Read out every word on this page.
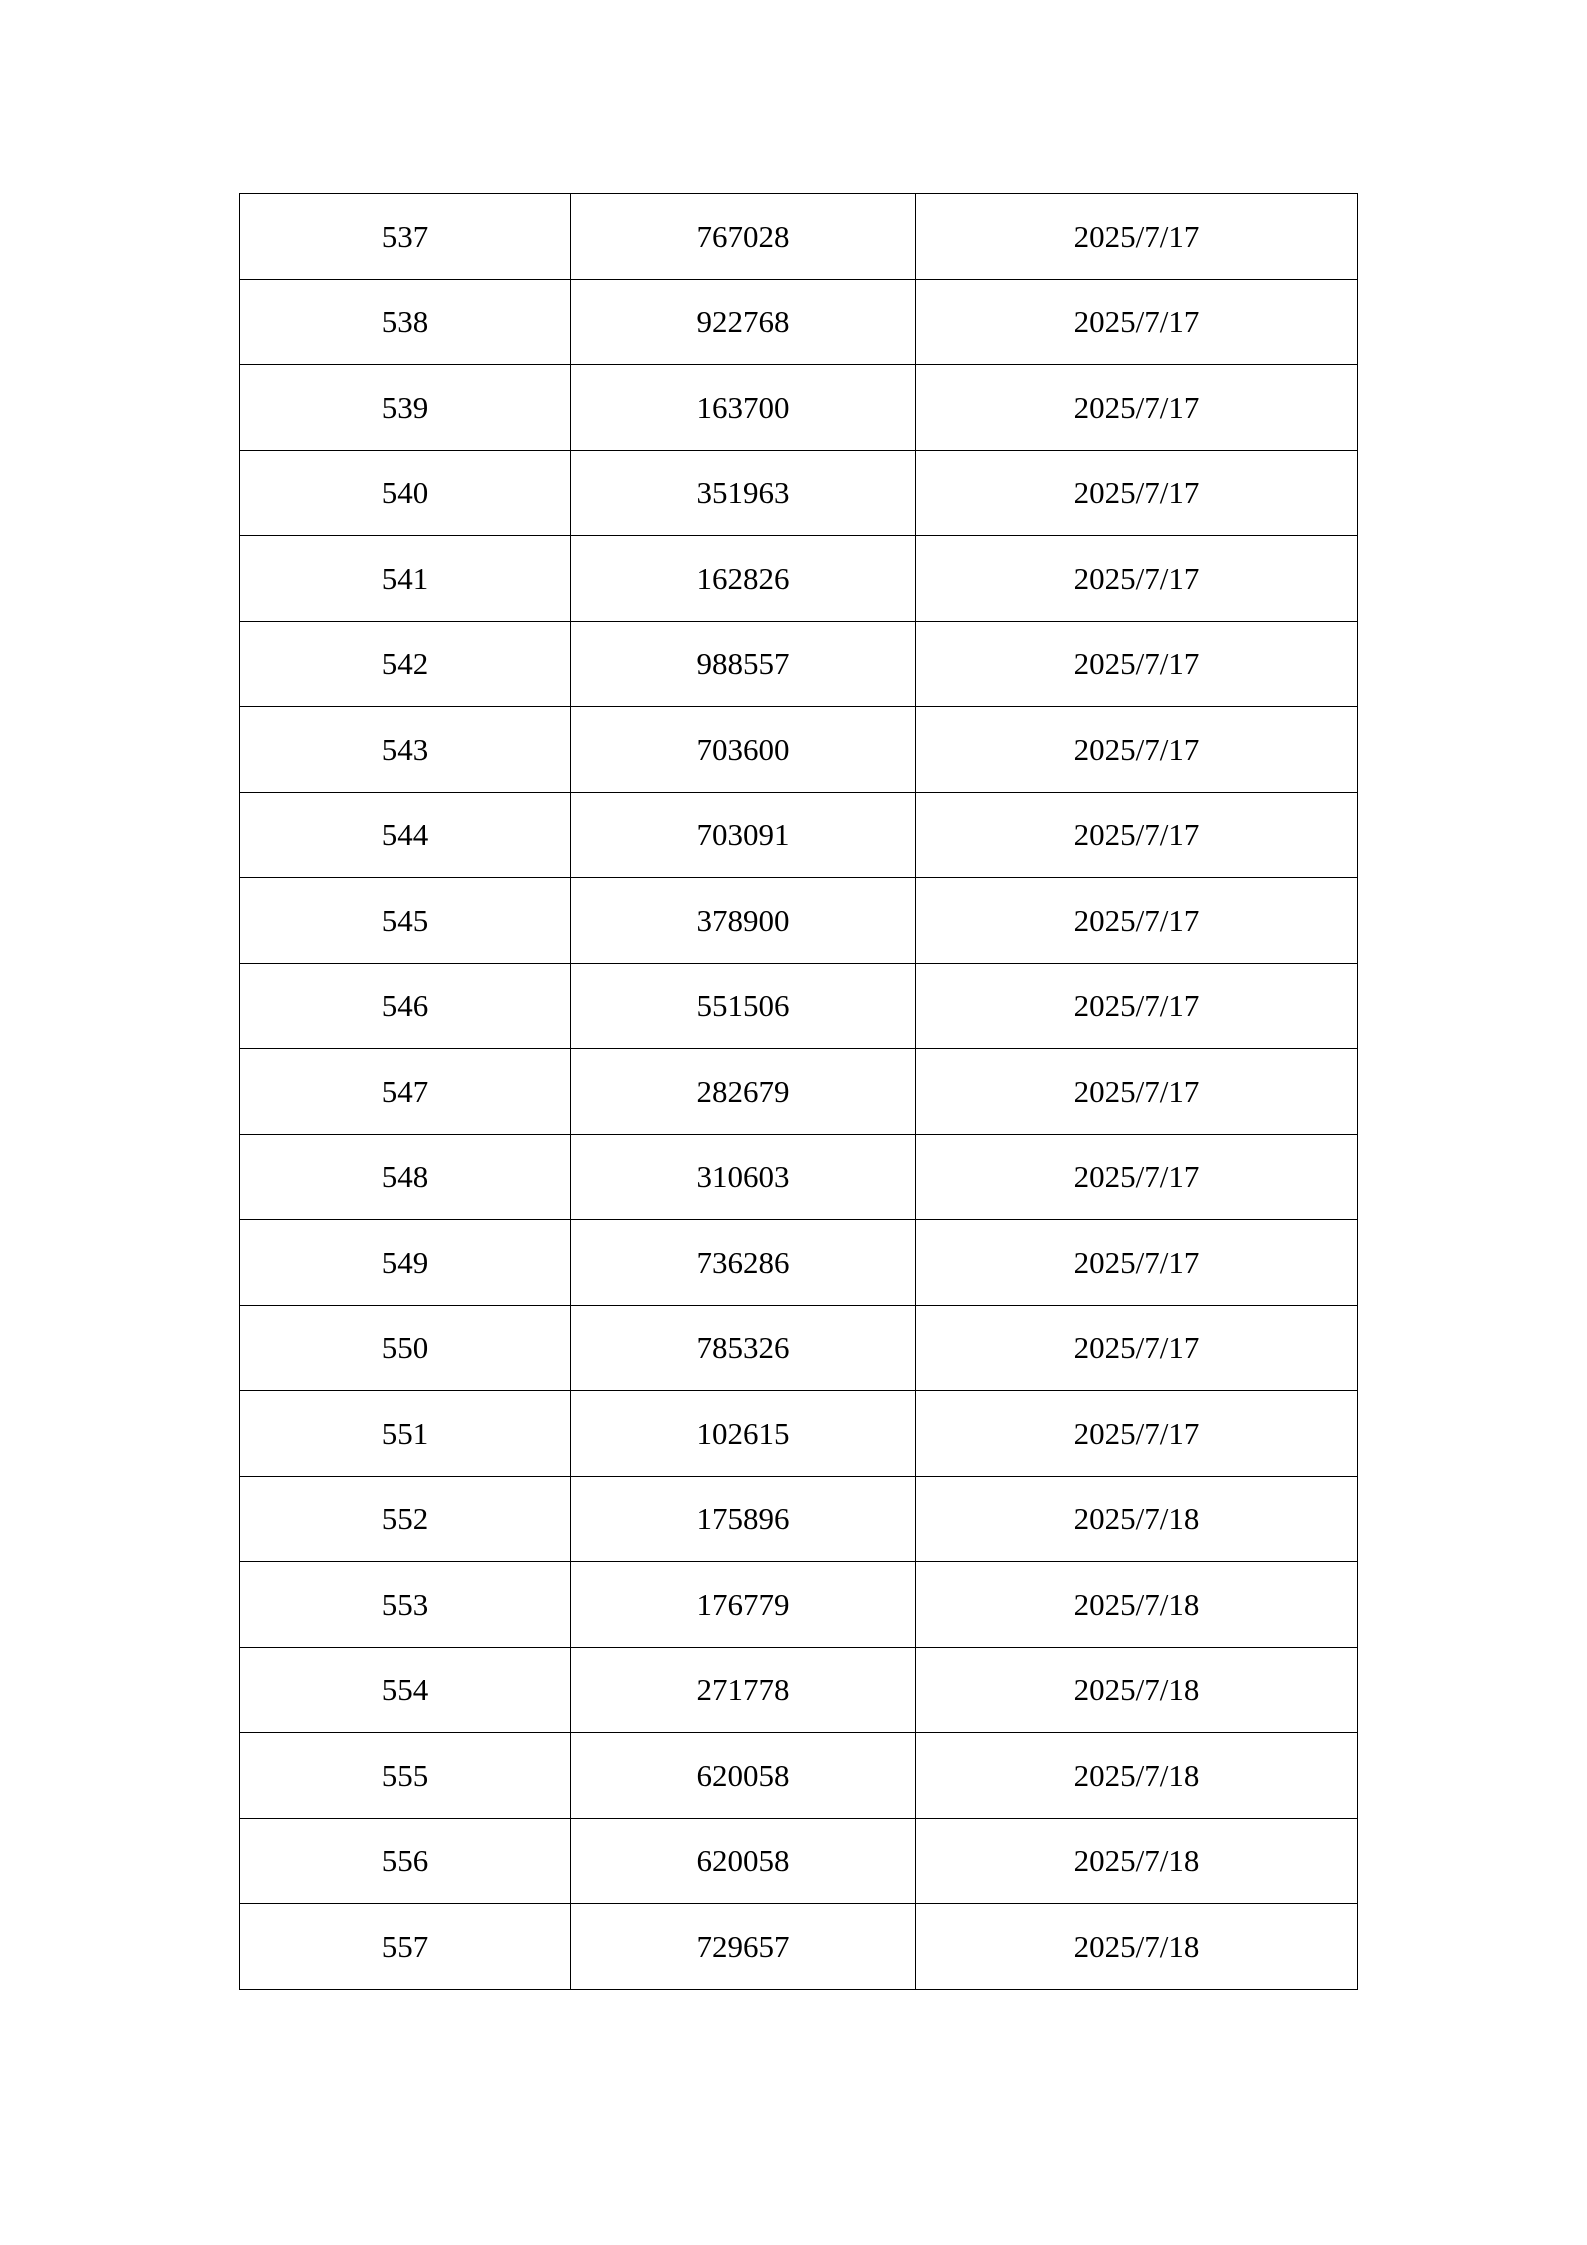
537	767028	2025/7/17
538	922768	2025/7/17
539	163700	2025/7/17
540	351963	2025/7/17
541	162826	2025/7/17
542	988557	2025/7/17
543	703600	2025/7/17
544	703091	2025/7/17
545	378900	2025/7/17
546	551506	2025/7/17
547	282679	2025/7/17
548	310603	2025/7/17
549	736286	2025/7/17
550	785326	2025/7/17
551	102615	2025/7/17
552	175896	2025/7/18
553	176779	2025/7/18
554	271778	2025/7/18
555	620058	2025/7/18
556	620058	2025/7/18
557	729657	2025/7/18
